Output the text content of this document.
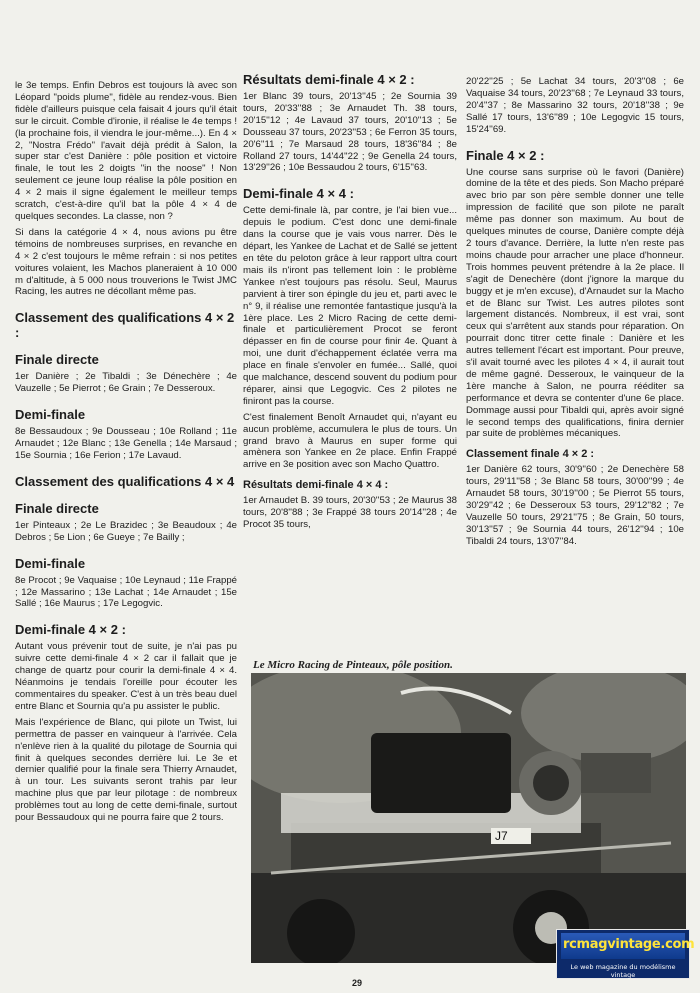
le 3e temps. Enfin Debros est toujours là avec son Léopard "poids plume", fidèle au rendez-vous. Bien fidèle d'ailleurs puisque cela faisait 4 jours qu'il était sur le circuit. Comble d'ironie, il réalise le 4e temps ! (la prochaine fois, il viendra le jour-même...). En 4 × 2, "Nostra Frédo" l'avait déjà prédit à Salon, la super star c'est Danière : pôle position et victoire finale, le tout les 2 doigts "in the noose" ! Non seulement ce jeune loup réalise la pôle position en 4 × 2 mais il signe également le meilleur temps scratch, c'est-à-dire qu'il bat la pôle 4 × 4 de quelques secondes. La classe, non ?

Si dans la catégorie 4 × 4, nous avions pu être témoins de nombreuses surprises, en revanche en 4 × 2 c'est toujours le même refrain : si nos petites voitures volaient, les Machos planeraient à 10 000 m d'altitude, à 5 000 nous trouverions le Twist JMC Racing, les autres ne décollant même pas.

Classement des qualifications 4 × 2 :
Finale directe

1er Danière ; 2e Tibaldi ; 3e Dénechère ; 4e Vauzelle ; 5e Pierrot ; 6e Grain ; 7e Desseroux.

Demi-finale

8e Bessaudoux ; 9e Dousseau ; 10e Rolland ; 11e Arnaudet ; 12e Blanc ; 13e Genella ; 14e Marsaud ; 15e Sournia ; 16e Ferion ; 17e Lavaud.

Classement des qualifications 4 × 4
Finale directe

1er Pinteaux ; 2e Le Brazidec ; 3e Beaudoux ; 4e Debros ; 5e Lion ; 6e Gueye ; 7e Bailly ;

Demi-finale

8e Procot ; 9e Vaquaise ; 10e Leynaud ; 11e Frappé ; 12e Massarino ; 13e Lachat ; 14e Arnaudet ; 15e Sallé ; 16e Maurus ; 17e Legogvic.

Demi-finale 4 × 2 :

Autant vous prévenir tout de suite, je n'ai pas pu suivre cette demi-finale 4 × 2 car il fallait que je change de quartz pour courir la demi-finale 4 × 4. Néanmoins je tendais l'oreille pour écouter les commentaires du speaker. C'est à un très beau duel entre Blanc et Sournia qu'a pu assister le public.

Mais l'expérience de Blanc, qui pilote un Twist, lui permettra de passer en vainqueur à l'arrivée. Cela n'enlève rien à la qualité du pilotage de Sournia qui finit à quelques secondes derrière lui. Le 3e et dernier qualifié pour la finale sera Thierry Arnaudet, à un tour. Les suivants seront trahis par leur machine plus que par leur pilotage : de nombreux problèmes tout au long de cette demi-finale, surtout pour Bessaudoux qui ne pourra faire que 2 tours.

Résultats demi-finale 4 × 2 :

1er Blanc 39 tours, 20'13''45 ; 2e Sournia 39 tours, 20'33''88 ; 3e Arnaudet Th. 38 tours, 20'15''12 ; 4e Lavaud 37 tours, 20'10''13 ; 5e Dousseau 37 tours, 20'23''53 ; 6e Ferron 35 tours, 20'6''11 ; 7e Marsaud 28 tours, 18'36''84 ; 8e Rolland 27 tours, 14'44''22 ; 9e Genella 24 tours, 13'29''26 ; 10e Bessaudou 2 tours, 6'15''63.

Demi-finale 4 × 4 :

Cette demi-finale là, par contre, je l'ai bien vue... depuis le podium. C'est donc une demi-finale dans la course que je vais vous narrer. Dès le départ, les Yankee de Lachat et de Sallé se jettent en tête du peloton grâce à leur rapport ultra court mais ils n'iront pas tellement loin : le problème Yankee n'est toujours pas résolu. Seul, Maurus parvient à tirer son épingle du jeu et, parti avec le n° 9, il réalise une remontée fantastique jusqu'à la 1ère place. Les 2 Micro Racing de cette demi-finale et particulièrement Procot se feront dépasser en fin de course pour finir 4e. Quant à moi, une durit d'échappement éclatée verra ma place en finale s'envoler en fumée... Sallé, quoi que malchance, descend souvent du podium pour réparer, ainsi que Legogvic. Ces 2 pilotes ne finiront pas la course.

C'est finalement Benoît Arnaudet qui, n'ayant eu aucun problème, accumulera le plus de tours. Un grand bravo à Maurus en super forme qui amènera son Yankee en 2e place. Enfin Frappé arrive en 3e position avec son Macho Quattro.

Résultats demi-finale 4 × 4 :

1er Arnaudet B. 39 tours, 20'30''53 ; 2e Maurus 38 tours, 20'8''88 ; 3e Frappé 38 tours 20'14''28 ; 4e Procot 35 tours,

20'22''25 ; 5e Lachat 34 tours, 20'3''08 ; 6e Vaquaise 34 tours, 20'23''68 ; 7e Leynaud 33 tours, 20'4''37 ; 8e Massarino 32 tours, 20'18''38 ; 9e Sallé 17 tours, 13'6''89 ; 10e Legogvic 15 tours, 15'24''69.

Finale 4 × 2 :

Une course sans surprise où le favori (Danière) domine de la tête et des pieds. Son Macho préparé avec brio par son père semble donner une telle impression de facilité que son pilote ne paraît même pas donner son maximum. Au bout de quelques minutes de course, Danière compte déjà 2 tours d'avance. Derrière, la lutte n'en reste pas moins chaude pour arracher une place d'honneur. Trois hommes peuvent prétendre à la 2e place. Il s'agit de Denechère (dont j'ignore la marque du buggy et je m'en excuse), d'Arnaudet sur la Macho et de Blanc sur Twist. Les autres pilotes sont largement distancés. Nombreux, il est vrai, sont ceux qui s'arrêtent aux stands pour réparation. On pourrait donc titrer cette finale : Danière et les autres tellement l'écart est important. Pour preuve, s'il avait tourné avec les pilotes 4 × 4, il aurait tout de même gagné. Desseroux, le vainqueur de la 1ère manche à Salon, ne pourra rééditer sa performance et devra se contenter d'une 6e place. Dommage aussi pour Tibaldi qui, après avoir signé le second temps des qualifications, finira dernier par suite de problèmes mécaniques.

Classement finale 4 × 2 :

1er Danière 62 tours, 30'9''60 ; 2e Denechère 58 tours, 29'11''58 ; 3e Blanc 58 tours, 30'00''99 ; 4e Arnaudet 58 tours, 30'19''00 ; 5e Pierrot 55 tours, 30'29''42 ; 6e Desseroux 53 tours, 29'12''82 ; 7e Vauzelle 50 tours, 29'21''75 ; 8e Grain, 50 tours, 30'13''57 ; 9e Sournia 44 tours, 26'12''94 ; 10e Tibaldi 24 tours, 13'07''84.

Le Micro Racing de Pinteaux, pôle position.
J7
rcmagvintage.com
Le web magazine du modélisme vintage
29
